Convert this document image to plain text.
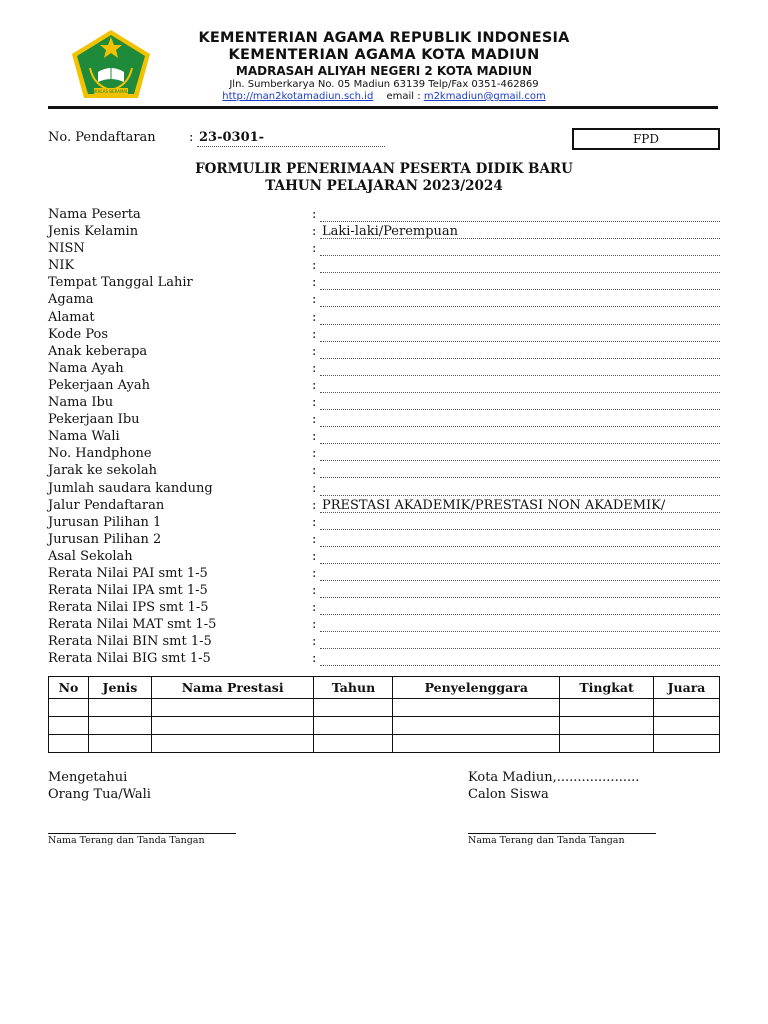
IKHLAS BERAMAL
KEMENTERIAN AGAMA REPUBLIK INDONESIA
KEMENTERIAN AGAMA KOTA MADIUN
MADRASAH ALIYAH NEGERI 2 KOTA MADIUN
Jln. Sumberkarya No. 05 Madiun 63139 Telp/Fax 0351-462869
http://man2kotamadiun.sch.id email : m2kmadiun@gmail.com
No. Pendaftaran	: 23-0301-	FPD
FORMULIR PENERIMAAN PESERTA DIDIK BARU
TAHUN PELAJARAN 2023/2024
Nama Peserta	:
Jenis Kelamin	: Laki-laki/Perempuan
NISN	:
NIK	:
Tempat Tanggal Lahir	:
Agama	:
Alamat	:
Kode Pos	:
Anak keberapa	:
Nama Ayah	:
Pekerjaan Ayah	:
Nama Ibu	:
Pekerjaan Ibu	:
Nama Wali	:
No. Handphone	:
Jarak ke sekolah	:
Jumlah saudara kandung	:
Jalur Pendaftaran	: PRESTASI AKADEMIK/PRESTASI NON AKADEMIK/
Jurusan Pilihan 1	:
Jurusan Pilihan 2	:
Asal Sekolah	:
Rerata Nilai PAI smt 1-5	:
Rerata Nilai IPA smt 1-5	:
Rerata Nilai IPS smt 1-5	:
Rerata Nilai MAT smt 1-5	:
Rerata Nilai BIN smt 1-5	:
Rerata Nilai BIG smt 1-5	:
No	Jenis	Nama Prestasi	Tahun	Penyelenggara	Tingkat	Juara

Mengetahui
Orang Tua/Wali
Nama Terang dan Tanda Tangan
Kota Madiun,....................
Calon Siswa
Nama Terang dan Tanda Tangan
